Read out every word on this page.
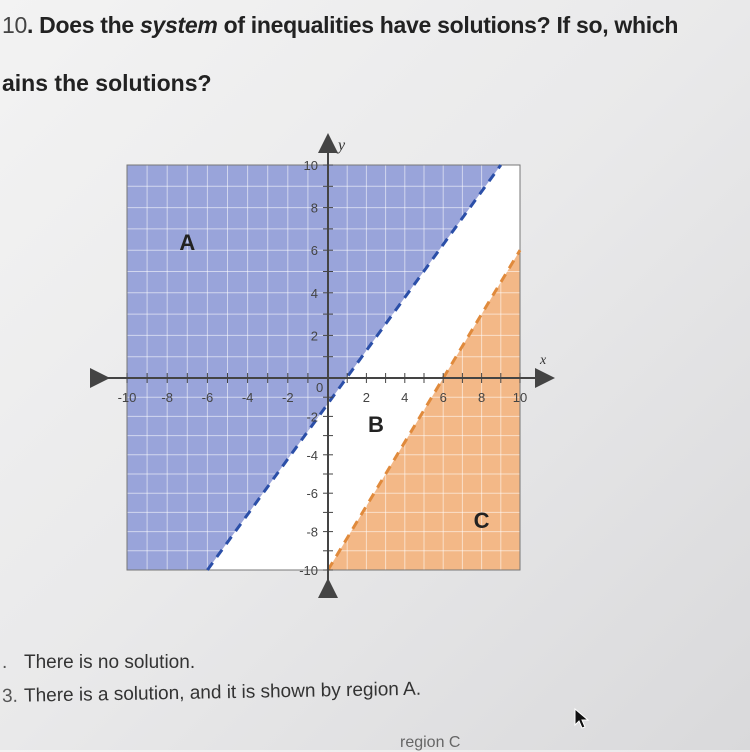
10. Does the system of inequalities have solutions? If so, which
ains the solutions?
-10 -8 -6 -4 -2	2 4 6 8 10
10
8
6
4
2
-2
-4
-6
-8
-10
0
x
y
A
B
C
. There is no solution.
3. There is a solution, and it is shown by region A.
region C
